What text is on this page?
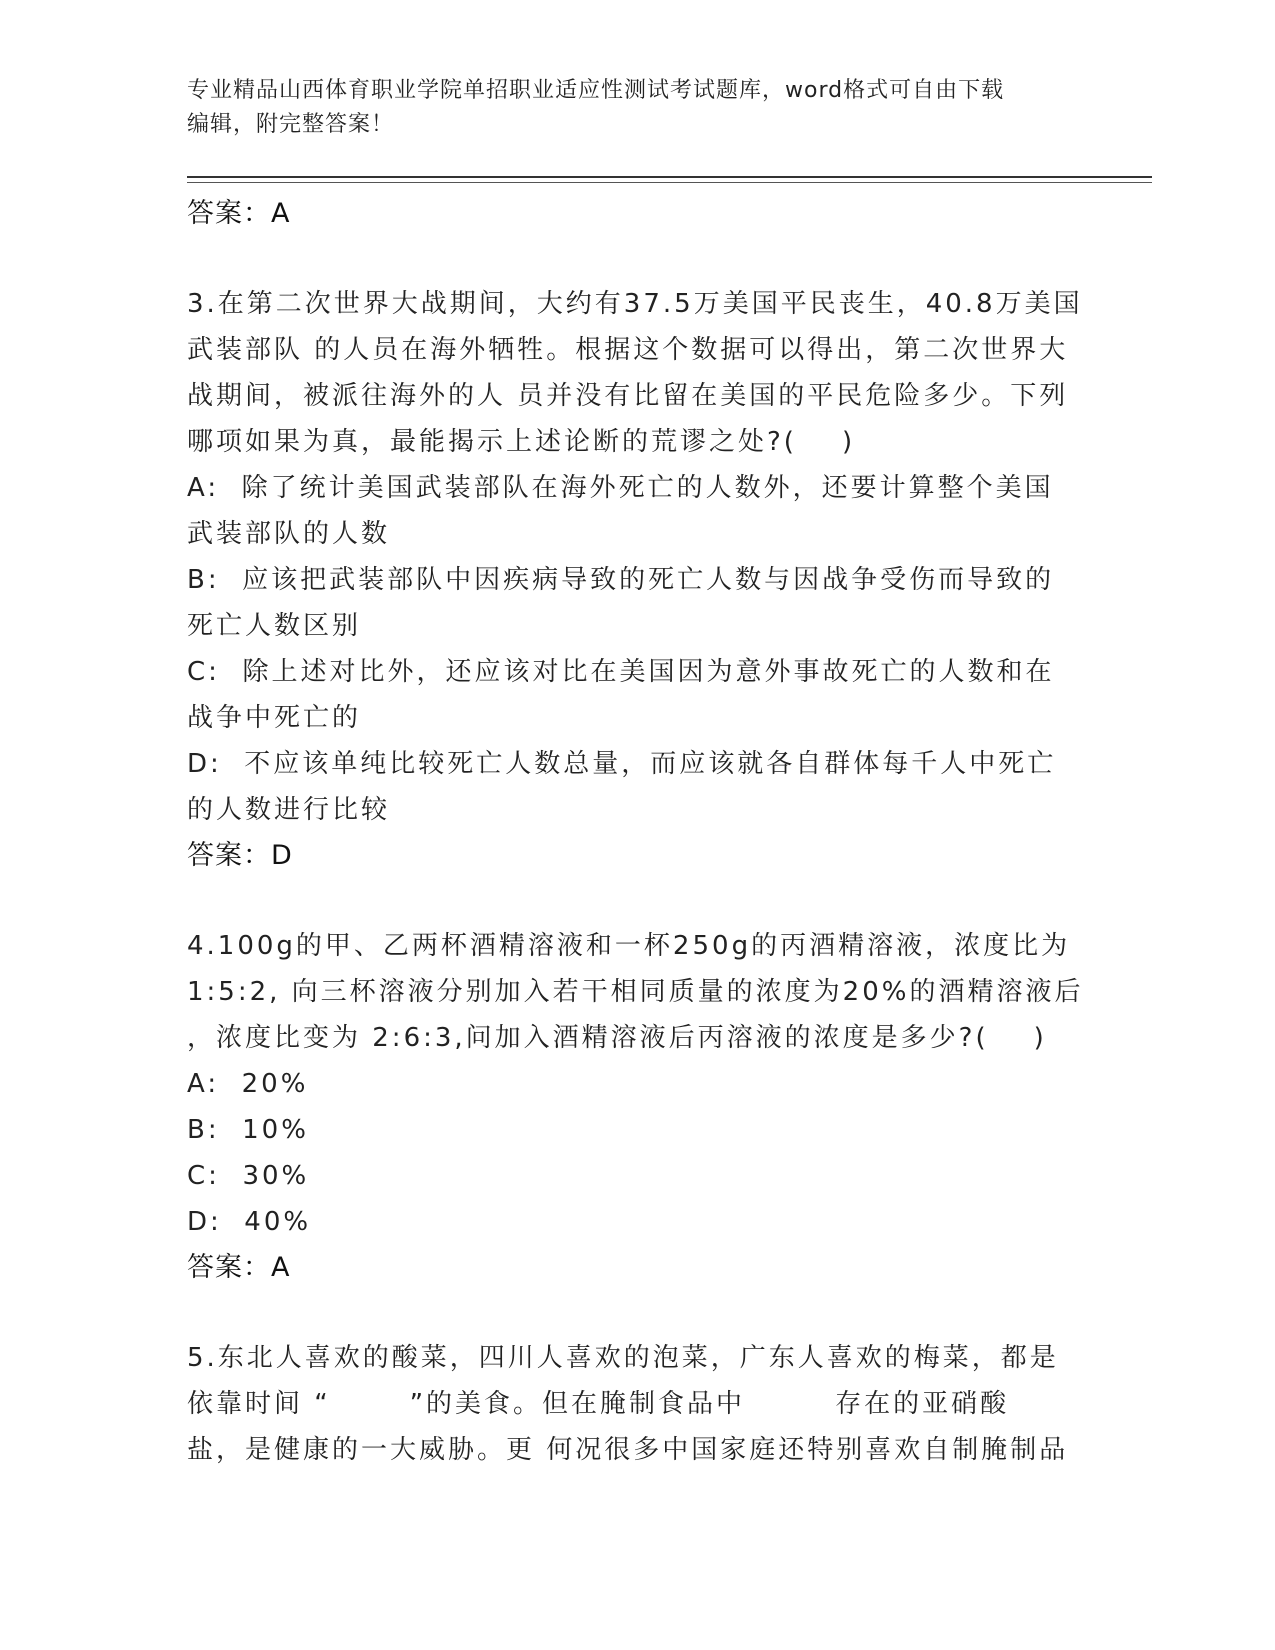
专业精品山西体育职业学院单招职业适应性测试考试题库，word格式可自由下载
编辑，附完整答案！
答案：A
3.在第二次世界大战期间，大约有37.5万美国平民丧生，40.8万美国
武装部队 的人员在海外牺牲。根据这个数据可以得出，第二次世界大
战期间，被派往海外的人 员并没有比留在美国的平民危险多少。下列
哪项如果为真，最能揭示上述论断的荒谬之处?(    )
A:  除了统计美国武装部队在海外死亡的人数外，还要计算整个美国
武装部队的人数
B:  应该把武装部队中因疾病导致的死亡人数与因战争受伤而导致的
死亡人数区别
C:  除上述对比外，还应该对比在美国因为意外事故死亡的人数和在
战争中死亡的
D:  不应该单纯比较死亡人数总量，而应该就各自群体每千人中死亡
的人数进行比较
答案：D
4.100g的甲、乙两杯酒精溶液和一杯250g的丙酒精溶液，浓度比为
1:5:2, 向三杯溶液分别加入若干相同质量的浓度为20%的酒精溶液后
，浓度比变为 2:6:3,问加入酒精溶液后丙溶液的浓度是多少?(    )
A:  20%
B:  10%
C:  30%
D:  40%
答案：A
5.东北人喜欢的酸菜，四川人喜欢的泡菜，广东人喜欢的梅菜，都是
依靠时间 “       ”的美食。但在腌制食品中        存在的亚硝酸
盐，是健康的一大威胁。更 何况很多中国家庭还特别喜欢自制腌制品
